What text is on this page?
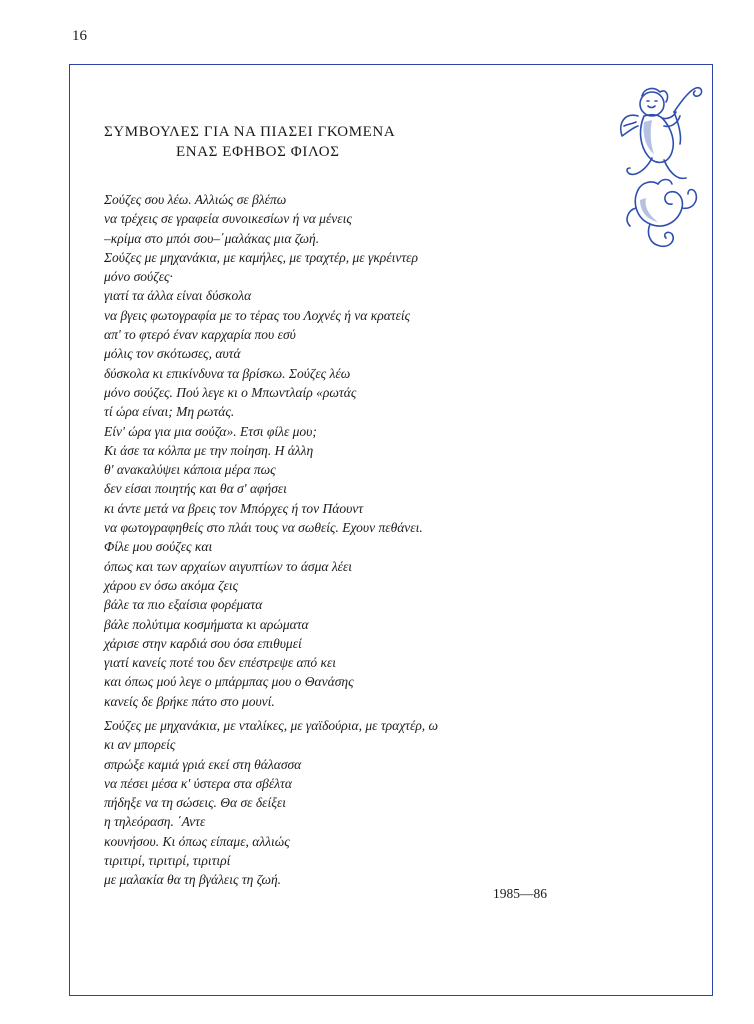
16
ΣΥΜΒΟΥΛΕΣ ΓΙΑ ΝΑ ΠΙΑΣΕΙ ΓΚΟΜΕΝΑ
ΕΝΑΣ ΕΦΗΒΟΣ ΦΙΛΟΣ
Σούζες σου λέω. Αλλιώς σε βλέπω
να τρέχεις σε γραφεία συνοικεσίων ή να μένεις
–κρίμα στο μπόι σου–΄μαλάκας μια ζωή.
Σούζες με μηχανάκια, με καμήλες, με τραχτέρ, με γκρέιντερ
μόνο σούζες·
γιατί τα άλλα είναι δύσκολα
να βγεις φωτογραφία με το τέρας του Λοχνές ή να κρατείς
απ' το φτερό έναν καρχαρία που εσύ
μόλις τον σκότωσες, αυτά
δύσκολα κι επικίνδυνα τα βρίσκω. Σούζες λέω
μόνο σούζες. Πού λεγε κι ο Μπωντλαίρ «ρωτάς
τί ώρα είναι; Μη ρωτάς.
Είν' ώρα για μια σούζα». Ετσι φίλε μου;
Κι άσε τα κόλπα με την ποίηση. Η άλλη
θ' ανακαλύψει κάποια μέρα πως
δεν είσαι ποιητής και θα σ' αφήσει
κι άντε μετά να βρεις τον Μπόρχες ή τον Πάουντ
να φωτογραφηθείς στο πλάι τους να σωθείς. Εχουν πεθάνει.
Φίλε μου σούζες και
όπως και των αρχαίων αιγυπτίων το άσμα λέει
χάρου εν όσω ακόμα ζεις
βάλε τα πιο εξαίσια φορέματα
βάλε πολύτιμα κοσμήματα κι αρώματα
χάρισε στην καρδιά σου όσα επιθυμεί
γιατί κανείς ποτέ του δεν επέστρεψε από κει
και όπως μού λεγε ο μπάρμπας μου ο Θανάσης
κανείς δε βρήκε πάτο στο μουνί.
Σούζες με μηχανάκια, με νταλίκες, με γαϊδούρια, με τραχτέρ, ω
κι αν μπορείς
σπρώξε καμιά γριά εκεί στη θάλασσα
να πέσει μέσα κ' ύστερα στα σβέλτα
πήδηξε να τη σώσεις. Θα σε δείξει
η τηλεόραση. ΄Αντε
κουνήσου. Κι όπως είπαμε, αλλιώς
τιριτιρί, τιριτιρί, τιριτιρί
με μαλακία θα τη βγάλεις τη ζωή.
1985—86
